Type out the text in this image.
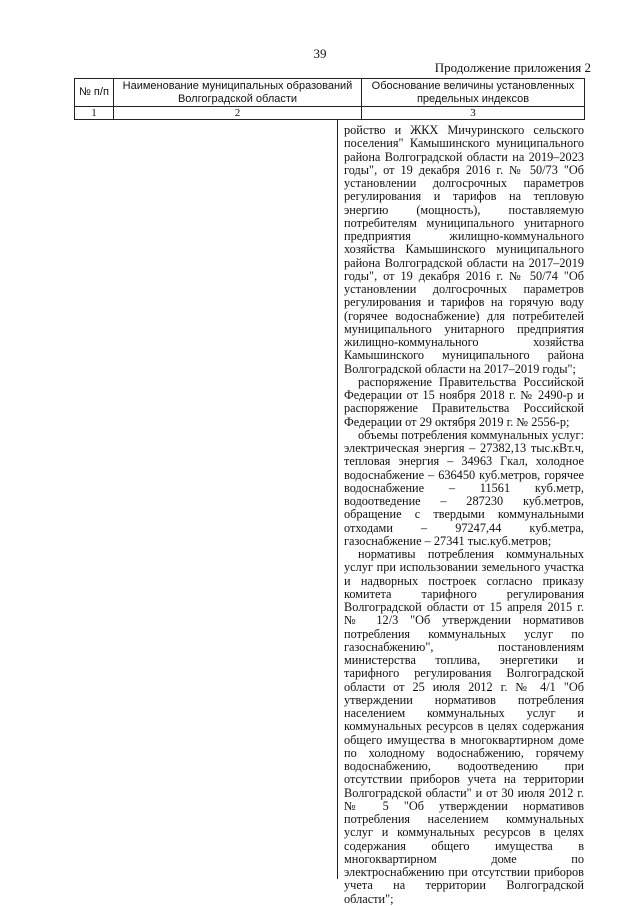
39
Продолжение приложения 2
№ п/п	Наименование муниципальных образований Волгоградской области	Обоснование величины установленных предельных индексов
1	2	3

ройство и ЖКХ Мичуринского сельского поселения" Камышинского муниципального района Волгоградской области на 2019–2023 годы", от 19 декабря 2016 г. № 50/73 "Об установлении долгосрочных параметров регулирования и тарифов на тепловую энергию (мощность), поставляемую потребителям муниципального унитарного предприятия жилищно-коммунального хозяйства Камышинского муниципального района Волгоградской области на 2017–2019 годы", от 19 декабря 2016 г. № 50/74 "Об установлении долгосрочных параметров регулирования и тарифов на горячую воду (горячее водоснабжение) для потребителей муниципального унитарного предприятия жилищно-коммунального хозяйства Камышинского муниципального района Волгоградской области на 2017–2019 годы";

распоряжение Правительства Российской Федерации от 15 ноября 2018 г. № 2490-р и распоряжение Правительства Российской Федерации от 29 октября 2019 г. № 2556-р;

объемы потребления коммунальных услуг: электрическая энергия – 27382,13 тыс.кВт.ч, тепловая энергия – 34963 Гкал, холодное водоснабжение – 636450 куб.метров, горячее водоснабжение – 11561 куб.метр, водоотведение – 287230 куб.метров, обращение с твердыми коммунальными отходами – 97247,44 куб.метра, газоснабжение – 27341 тыс.куб.метров;

нормативы потребления коммунальных услуг при использовании земельного участка и надворных построек согласно приказу комитета тарифного регулирования Волгоградской области от 15 апреля 2015 г. № 12/3 "Об утверждении нормативов потребления коммунальных услуг по газоснабжению", постановлениям министерства топлива, энергетики и тарифного регулирования Волгоградской области от 25 июля 2012 г. № 4/1 "Об утверждении нормативов потребления населением коммунальных услуг и коммунальных ресурсов в целях содержания общего имущества в многоквартирном доме по холодному водоснабжению, горячему водоснабжению, водоотведению при отсутствии приборов учета на территории Волгоградской области" и от 30 июля 2012 г. № 5 "Об утверждении нормативов потребления населением коммунальных услуг и коммунальных ресурсов в целях содержания общего имущества в многоквартирном доме по электроснабжению при отсутствии приборов учета на территории Волгоградской области";
